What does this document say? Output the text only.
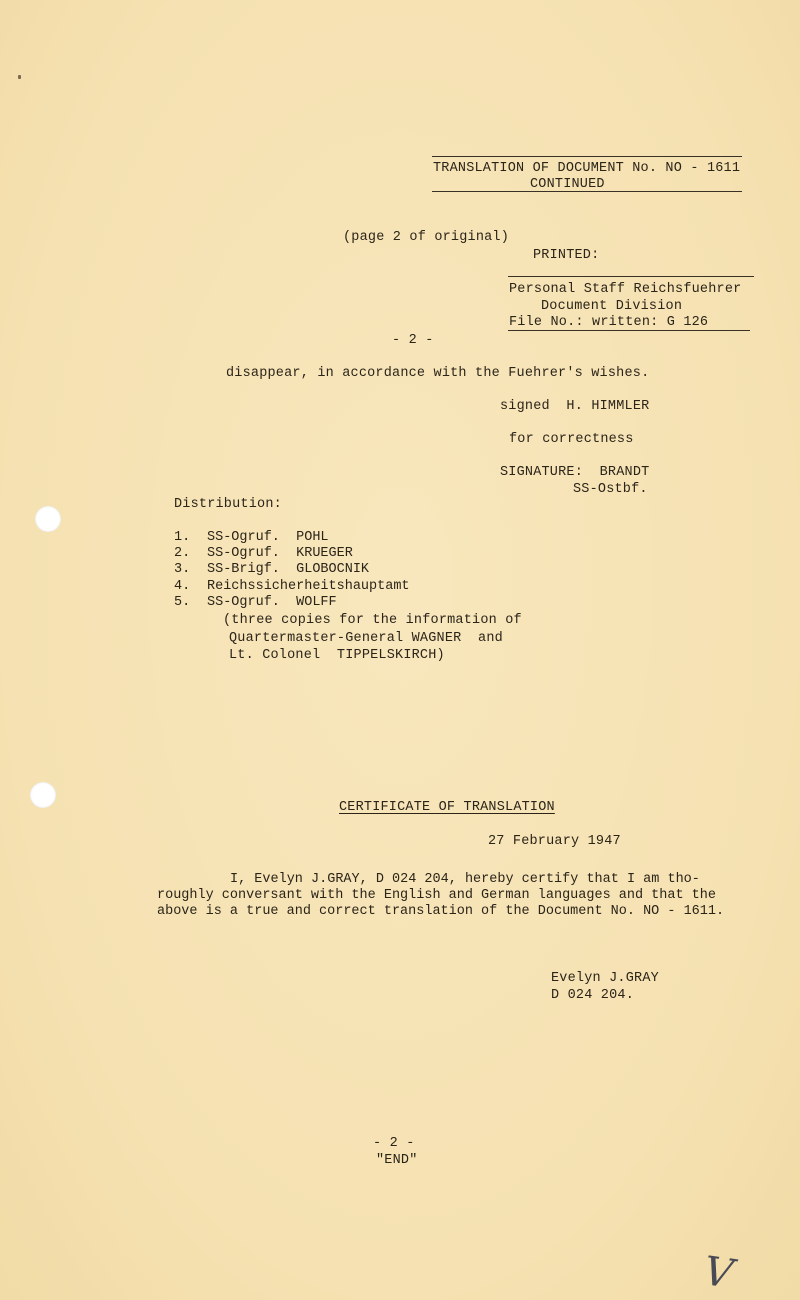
TRANSLATION OF DOCUMENT No. NO - 1611
CONTINUED
(page 2 of original)
PRINTED:
Personal Staff Reichsfuehrer
Document Division
File No.: written: G 126
- 2 -
disappear, in accordance with the Fuehrer's wishes.
signed  H. HIMMLER
for correctness
SIGNATURE:  BRANDT
SS-Ostbf.
Distribution:
1. SS-Ogruf.  POHL
2. SS-Ogruf.  KRUEGER
3. SS-Brigf.  GLOBOCNIK
4. Reichssicherheitshauptamt
5. SS-Ogruf.  WOLFF
(three copies for the information of
Quartermaster-General WAGNER  and
Lt. Colonel  TIPPELSKIRCH)
CERTIFICATE OF TRANSLATION
27 February 1947
I, Evelyn J.GRAY, D 024 204, hereby certify that I am tho-
roughly conversant with the English and German languages and that the
above is a true and correct translation of the Document No. NO - 1611.
Evelyn J.GRAY
D 024 204.
- 2 -
"END"
V
